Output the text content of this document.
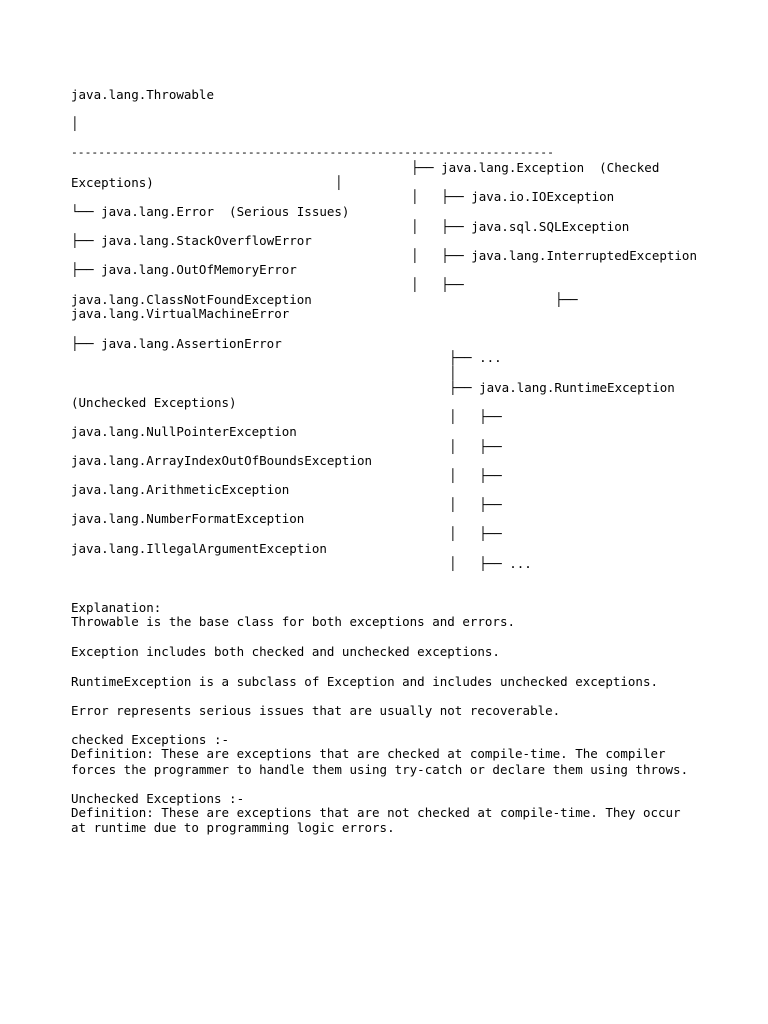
java.lang.Throwable
│
-----------------------------------------------------------------------
├── java.lang.Exception  (Checked
Exceptions)	│
│   ├── java.io.IOException
└── java.lang.Error  (Serious Issues)
│   ├── java.sql.SQLException
├── java.lang.StackOverflowError
│   ├── java.lang.InterruptedException
├── java.lang.OutOfMemoryError
│   ├──
java.lang.ClassNotFoundException	├──
java.lang.VirtualMachineError
├── java.lang.AssertionError
├── ...
│
├── java.lang.RuntimeException
(Unchecked Exceptions)
│   ├──
java.lang.NullPointerException
│   ├──
java.lang.ArrayIndexOutOfBoundsException
│   ├──
java.lang.ArithmeticException
│   ├──
java.lang.NumberFormatException
│   ├──
java.lang.IllegalArgumentException
│   ├── ...
Explanation:
Throwable is the base class for both exceptions and errors.
Exception includes both checked and unchecked exceptions.
RuntimeException is a subclass of Exception and includes unchecked exceptions.
Error represents serious issues that are usually not recoverable.
checked Exceptions :-
Definition: These are exceptions that are checked at compile-time. The compiler
forces the programmer to handle them using try-catch or declare them using throws.
Unchecked Exceptions :-
Definition: These are exceptions that are not checked at compile-time. They occur
at runtime due to programming logic errors.
